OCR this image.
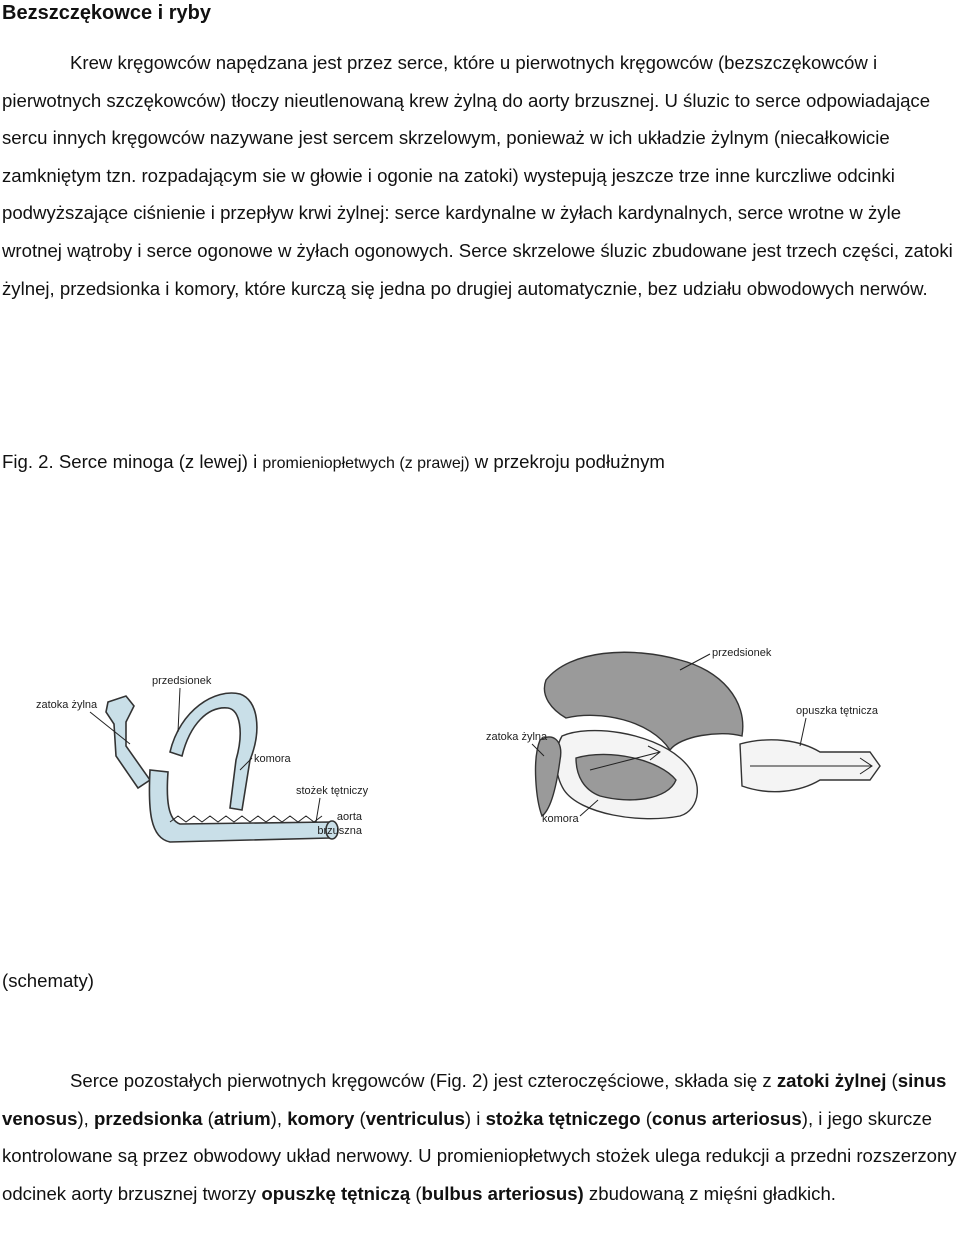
Bezszczękowce i ryby

Krew kręgowców napędzana jest przez serce, które u pierwotnych kręgowców (bezszczękowców i pierwotnych szczękowców) tłoczy nieutlenowaną krew żylną do aorty brzusznej. U śluzic to serce odpowiadające sercu innych kręgowców nazywane jest sercem skrzelowym, ponieważ w ich układzie żylnym (niecałkowicie zamkniętym tzn. rozpadającym sie w głowie i ogonie na zatoki) wystepują jeszcze trze inne kurczliwe odcinki podwyższające ciśnienie i przepływ krwi żylnej: serce kardynalne w żyłach kardynalnych, serce wrotne w żyle wrotnej wątroby i serce ogonowe w żyłach ogonowych. Serce skrzelowe śluzic zbudowane jest trzech części, zatoki żylnej, przedsionka i komory, które kurczą się jedna po drugiej automatycznie, bez udziału obwodowych nerwów.

Fig. 2. Serce minoga (z lewej) i promieniopłetwych (z prawej) w przekroju podłużnym
zatoka żylna
przedsionek
komora
stożek tętniczy
aorta
brzuszna
przedsionek
opuszka tętnicza
zatoka żylna
komora
(schematy)

Serce pozostałych pierwotnych kręgowców (Fig. 2) jest czteroczęściowe, składa się z zatoki żylnej (sinus venosus), przedsionka (atrium), komory (ventriculus) i stożka tętniczego (conus arteriosus), i jego skurcze kontrolowane są przez obwodowy układ nerwowy. U promieniopłetwych stożek ulega redukcji a przedni rozszerzony odcinek aorty brzusznej tworzy opuszkę tętniczą (bulbus arteriosus) zbudowaną z mięśni gładkich.
